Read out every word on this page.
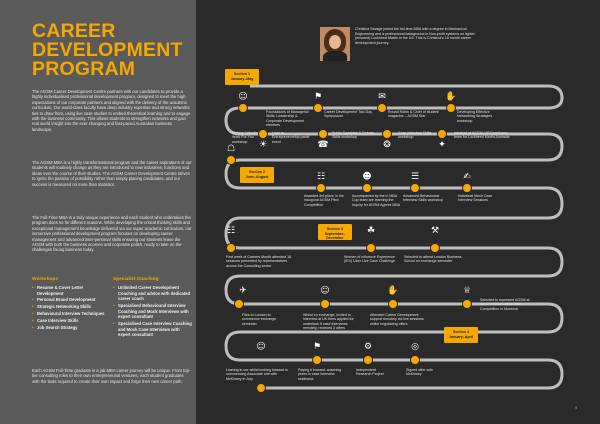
CAREER
DEVELOPMENT
PROGRAM

The AGSM Career Development Centre partners with our candidates to provide a highly individualised professional development program, designed to meet the high expectations of our corporate partners and aligned with the delivery of the academic curriculum. Our world-class faculty have deep industry expertise and strong networks ties to draw from, using live case studies to embed theoretical learning and to engage with the business community. This allows students to strengthen networks and gain real world insight into the ever changing and fast-paced Australian business landscape.

The AGSM MBA is a highly transformational program and the career aspirations of our students will routinely change as they are introduced to new industries, functions and ideas over the course of their studies. The AGSM Career Development Centre strives to ignite the passion of possibility rather than simply placing candidates, and our success is measured on more than statistics.

The Full-Time MBA is a truly unique experience and each student who undertakes the program does so for different reasons. While developing the critical thinking skills and exceptional management knowledge delivered via our super academic curriculum, our immersive professional development program focuses on developing career management and advanced inter-personal skills ensuring our students leave the AGSM with both the business acumen and corporate polish, ready to take on the challenges facing business today.

Workshops
• Resume & Cover Letter Development
• Personal Brand Development
• Strategic Networking Skills
• Behavioural Interview Techniques
• Case Interview Skills
• Job Search Strategy
Specialist Coaching
• Unlimited Career Development Coaching and advice with dedicated career coach
• Specialised Behavioural Interview Coaching and Mock Interviews with expert consultant
• Specialised Case Interview Coaching and Mock Case Interviews with expert consultant

Each AGSM Full-Time graduate is a job MBA career journey will be unique. From top-tier consulting roles to their own entrepreneurial ventures, each student graduates with the tools required to create their own impact and forge their own career path.

Christina Savage joined the full-time MBA with a degree in Mechanical Engineering and a professional background in Non-profit systems on lighter (ensured) Lockheed Martin in the US. This is Christina's 16 month career development journey.

Section 1
January–May
Section 2
June–August
Section 3
September–December
Section 4
January–April
☺

Foundations of Managerial Skills: Leadership & Corporate Development electives

⚑

Career Development Two Day Symposium

✉

Round Robin & Chief of student magazine – AGSM Star

✋

Developing Effective Networking Strategies workshop

✦

Interned at AGSM, VP Excellence team for Lockheed Martin Australia

❂

Case Interview Skills workshop

☎

Public Speaking & Debate Skills workshop

☀

Lean in Entrepreneurship panel event

☖

Making Linkedin Work For You workshop

☷

Awarded 3rd place in the inaugural AGSM Pitch Competition

☻

Accompanied by the in MBA Cup team are learning the Inquiry for AGSM Agents MBA

☰

Advanced Behavioural Interview Skills workshop

✍

Individual Mock Case Interview Sessions

☷

First week of Careers Month attended 18 sessions presented by representatives across the Consulting sector

☘

Women of Influence Experience (IEX) Uber Live Case Challenge

⚒

Selected to attend London Business School on exchange semester

✈

Flies to London to commence exchange semester

☺

Whilst on exchange, invited to interview at UK firms applied for, undertook 5 case interviews remotely, received 2 offers

✋

Attended Career Development support remotely via live sessions whilst negotiating offers

♕

Selected to represent AGSM at the Jon Wilson MBA Case Competition in Montreal

◎

Signed offer with McKinsey

⚙

Independent Research Project

⚑

Paying it forward: coaching peers in case interview readiness

☺

Leaving in our whilst looking forward to commencing Associate role with McKinsey in July

9
